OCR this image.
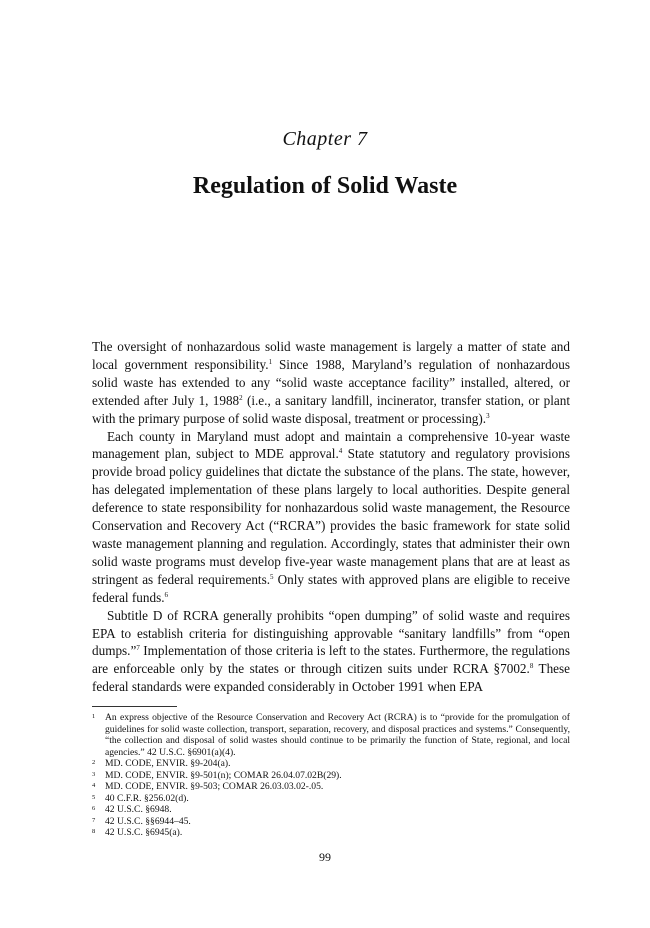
Chapter 7
Regulation of Solid Waste

The oversight of nonhazardous solid waste management is largely a matter of state and local government responsibility.$^1$ Since 1988, Maryland’s regulation of nonhazardous solid waste has extended to any “solid waste acceptance facility” installed, altered, or extended after July 1, 1988$^2$ (i.e., a sanitary landfill, incinerator, transfer station, or plant with the primary purpose of solid waste disposal, treatment or processing).$^3$

Each county in Maryland must adopt and maintain a comprehensive 10-year waste management plan, subject to MDE approval.$^4$ State statutory and regulatory provisions provide broad policy guidelines that dictate the substance of the plans. The state, however, has delegated implementation of these plans largely to local authorities. Despite general deference to state responsibility for nonhazardous solid waste management, the Resource Conservation and Recovery Act (“RCRA”) provides the basic framework for state solid waste management planning and regulation. Accordingly, states that administer their own solid waste programs must develop five-year waste management plans that are at least as stringent as federal requirements.$^5$ Only states with approved plans are eligible to receive federal funds.$^6$

Subtitle D of RCRA generally prohibits “open dumping” of solid waste and requires EPA to establish criteria for distinguishing approvable “sanitary landfills” from “open dumps.”$^7$ Implementation of those criteria is left to the states. Furthermore, the regulations are enforceable only by the states or through citizen suits under RCRA §7002.$^8$ These federal standards were expanded considerably in October 1991 when EPA

1	An express objective of the Resource Conservation and Recovery Act (RCRA) is to “provide for the promulgation of guidelines for solid waste collection, transport, separation, recovery, and disposal practices and systems.” Consequently, “the collection and disposal of solid wastes should continue to be primarily the function of State, regional, and local agencies.” 42 U.S.C. §6901(a)(4).
2	MD. CODE, ENVIR. §9-204(a).
3	MD. CODE, ENVIR. §9-501(n); COMAR 26.04.07.02B(29).
4	MD. CODE, ENVIR. §9-503; COMAR 26.03.03.02-.05.
5	40 C.F.R. §256.02(d).
6	42 U.S.C. §6948.
7	42 U.S.C. §§6944–45.
8	42 U.S.C. §6945(a).
99
